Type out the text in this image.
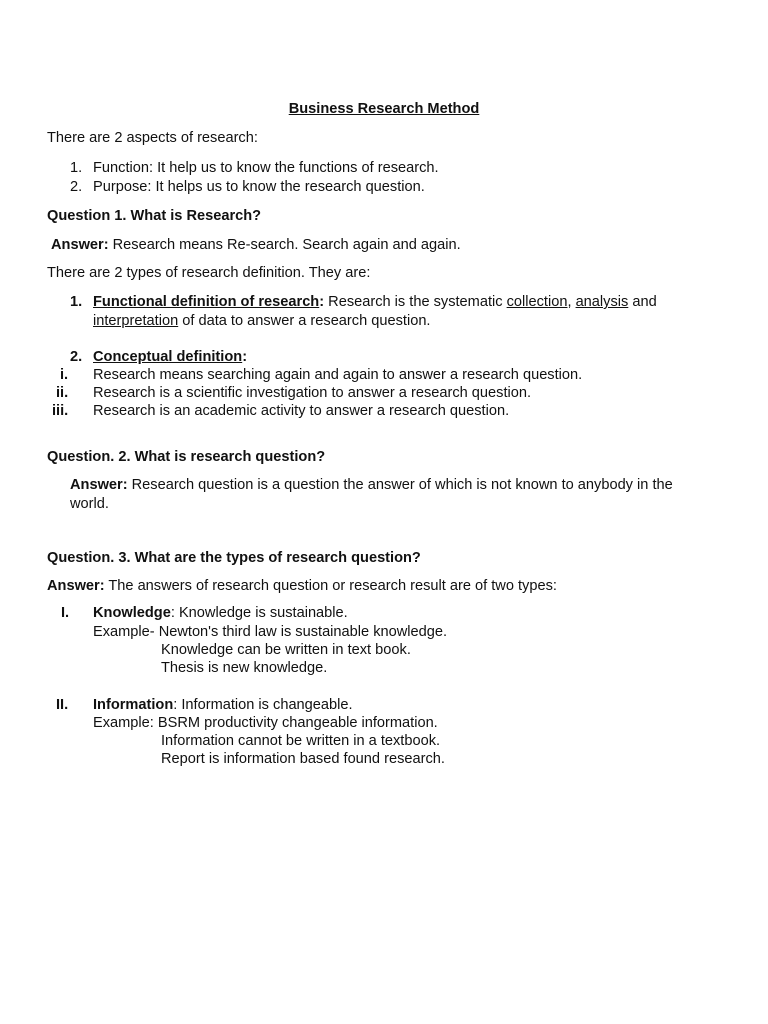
Business Research Method
There are 2 aspects of research:
1. Function: It help us to know the functions of research.
2. Purpose: It helps us to know the research question.
Question 1. What is Research?
Answer: Research means Re-search. Search again and again.
There are 2 types of research definition. They are:
1. Functional definition of research: Research is the systematic collection, analysis and
interpretation of data to answer a research question.
2. Conceptual definition:
i. Research means searching again and again to answer a research question.
ii. Research is a scientific investigation to answer a research question.
iii. Research is an academic activity to answer a research question.
Question. 2. What is research question?
Answer: Research question is a question the answer of which is not known to anybody in the
world.
Question. 3. What are the types of research question?
Answer: The answers of research question or research result are of two types:
I. Knowledge: Knowledge is sustainable.
Example- Newton's third law is sustainable knowledge.
Knowledge can be written in text book.
Thesis is new knowledge.
II. Information: Information is changeable.
Example: BSRM productivity changeable information.
Information cannot be written in a textbook.
Report is information based found research.
